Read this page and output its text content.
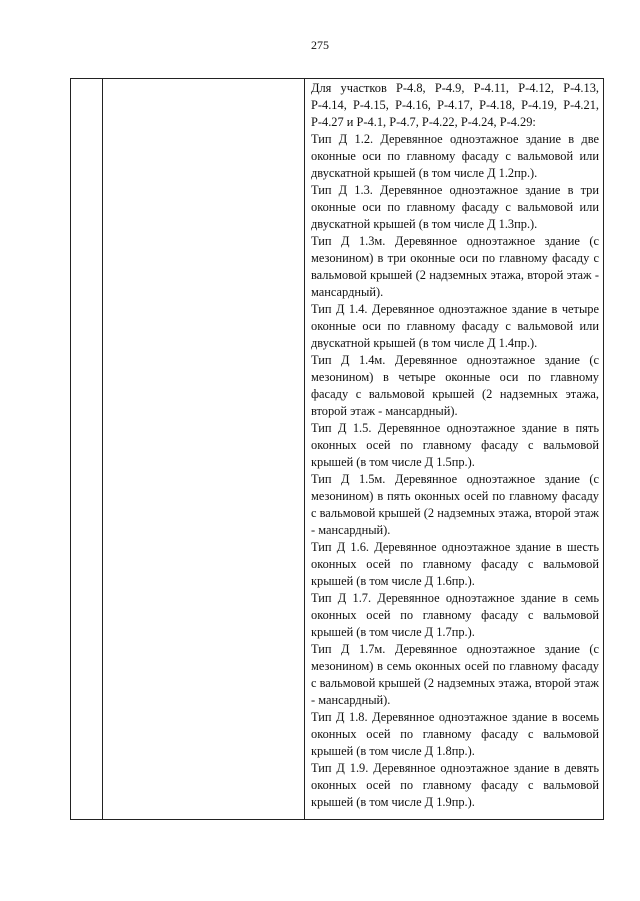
275

Для участков Р-4.8, Р-4.9, Р-4.11, Р-4.12, Р-4.13, Р-4.14, Р-4.15, Р-4.16, Р-4.17, Р-4.18, Р-4.19, Р-4.21, Р-4.27 и Р-4.1, Р-4.7, Р-4.22, Р-4.24, Р-4.29:

Тип Д 1.2. Деревянное одноэтажное здание в две оконные оси по главному фасаду с вальмовой или двускатной крышей (в том числе Д 1.2пр.).

Тип Д 1.3. Деревянное одноэтажное здание в три оконные оси по главному фасаду с вальмовой или двускатной крышей (в том числе Д 1.3пр.).

Тип Д 1.3м. Деревянное одноэтажное здание (с мезонином) в три оконные оси по главному фасаду с вальмовой крышей (2 надземных этажа, второй этаж - мансардный).

Тип Д 1.4. Деревянное одноэтажное здание в четыре оконные оси по главному фасаду с вальмовой или двускатной крышей (в том числе Д 1.4пр.).

Тип Д 1.4м. Деревянное одноэтажное здание (с мезонином) в четыре оконные оси по главному фасаду с вальмовой крышей (2 надземных этажа, второй этаж - мансардный).

Тип Д 1.5. Деревянное одноэтажное здание в пять оконных осей по главному фасаду с вальмовой крышей (в том числе Д 1.5пр.).

Тип Д 1.5м. Деревянное одноэтажное здание (с мезонином) в пять оконных осей по главному фасаду с вальмовой крышей (2 надземных этажа, второй этаж - мансардный).

Тип Д 1.6. Деревянное одноэтажное здание в шесть оконных осей по главному фасаду с вальмовой крышей (в том числе Д 1.6пр.).

Тип Д 1.7. Деревянное одноэтажное здание в семь оконных осей по главному фасаду с вальмовой крышей (в том числе Д 1.7пр.).

Тип Д 1.7м. Деревянное одноэтажное здание (с мезонином) в семь оконных осей по главному фасаду с вальмовой крышей (2 надземных этажа, второй этаж - мансардный).

Тип Д 1.8. Деревянное одноэтажное здание в восемь оконных осей по главному фасаду с вальмовой крышей (в том числе Д 1.8пр.).

Тип Д 1.9. Деревянное одноэтажное здание в девять оконных осей по главному фасаду с вальмовой крышей (в том числе Д 1.9пр.).
